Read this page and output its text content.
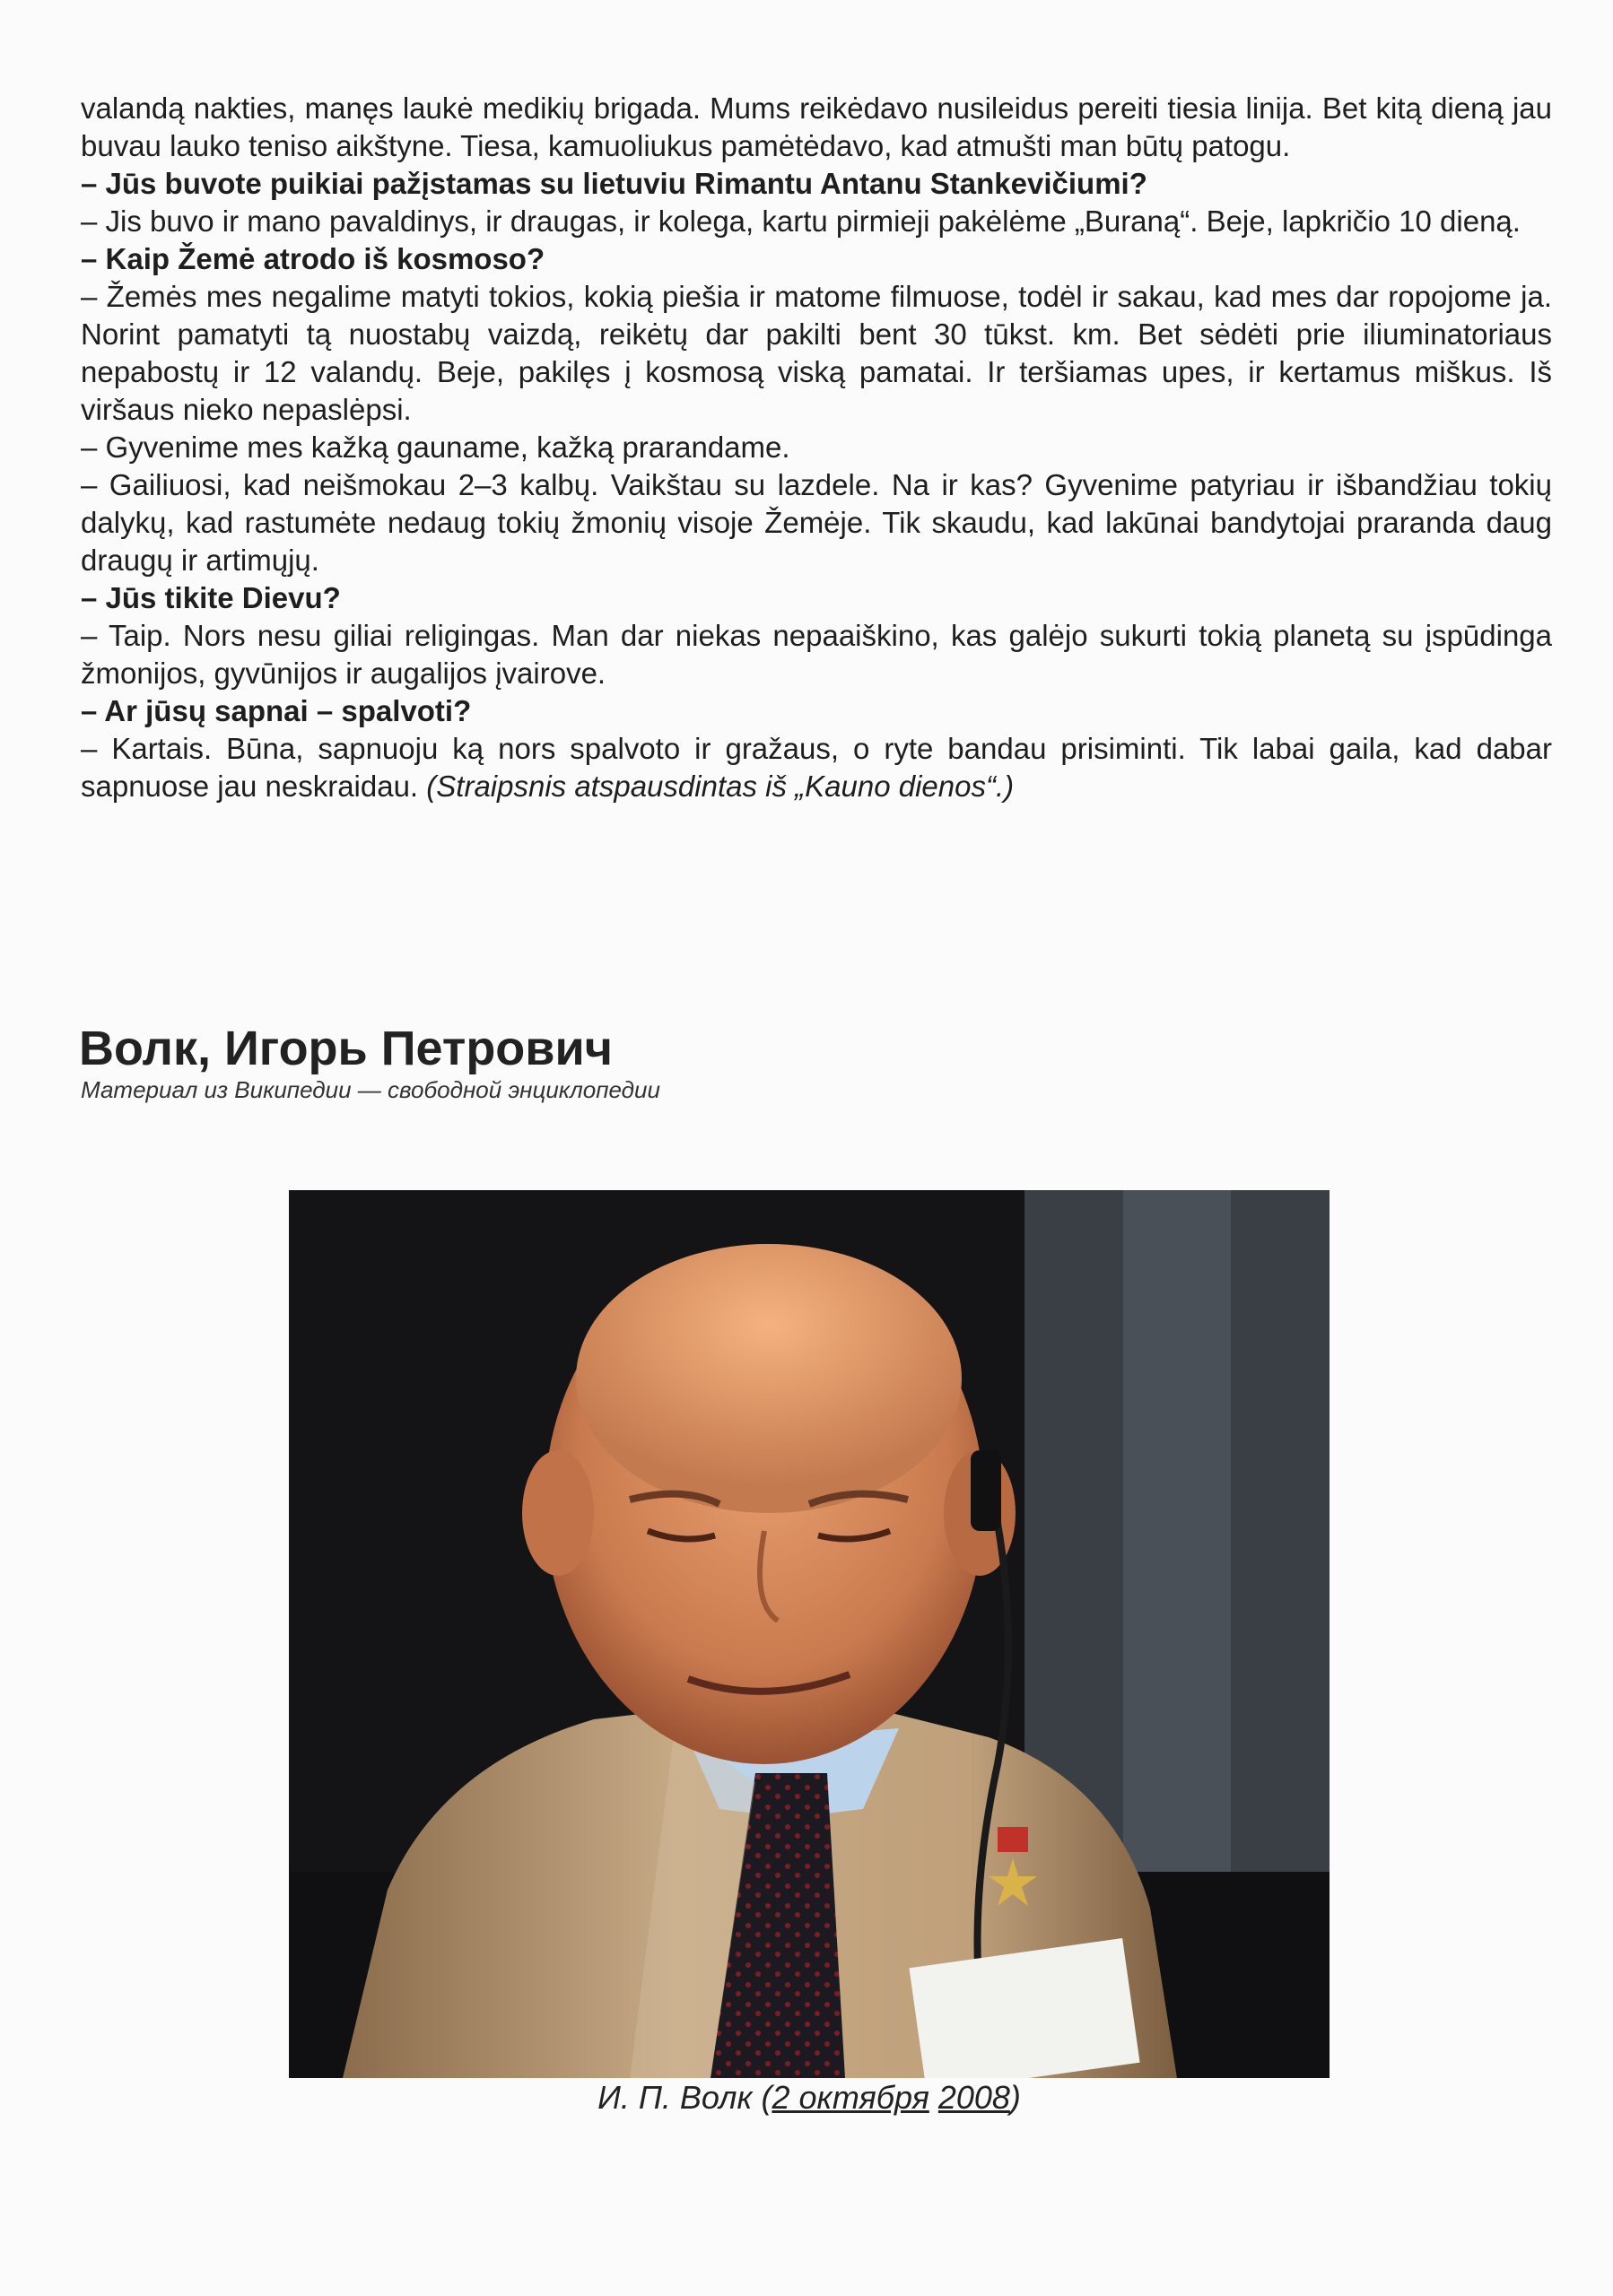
valandą nakties, manęs laukė medikių brigada. Mums reikėdavo nusileidus pereiti tiesia linija. Bet kitą dieną jau buvau lauko teniso aikštyne. Tiesa, kamuoliukus pamėtėdavo, kad atmušti man būtų patogu.

– Jūs buvote puikiai pažįstamas su lietuviu Rimantu Antanu Stankevičiumi?

– Jis buvo ir mano pavaldinys, ir draugas, ir kolega, kartu pirmieji pakėlėme „Buraną“. Beje, lapkričio 10 dieną.

– Kaip Žemė atrodo iš kosmoso?

– Žemės mes negalime matyti tokios, kokią piešia ir matome filmuose, todėl ir sakau, kad mes dar ropojome ja. Norint pamatyti tą nuostabų vaizdą, reikėtų dar pakilti bent 30 tūkst. km. Bet sėdėti prie iliuminatoriaus nepabostų ir 12 valandų. Beje, pakilęs į kosmosą viską pamatai. Ir teršiamas upes, ir kertamus miškus. Iš viršaus nieko nepaslėpsi.

– Gyvenime mes kažką gauname, kažką prarandame.

– Gailiuosi, kad neišmokau 2–3 kalbų. Vaikštau su lazdele. Na ir kas? Gyvenime patyriau ir išbandžiau tokių dalykų, kad rastumėte nedaug tokių žmonių visoje Žemėje. Tik skaudu, kad lakūnai bandytojai praranda daug draugų ir artimųjų.

– Jūs tikite Dievu?

– Taip. Nors nesu giliai religingas. Man dar niekas nepaaiškino, kas galėjo sukurti tokią planetą su įspūdinga žmonijos, gyvūnijos ir augalijos įvairove.

– Ar jūsų sapnai – spalvoti?

– Kartais. Būna, sapnuoju ką nors spalvoto ir gražaus, o ryte bandau prisiminti. Tik labai gaila, kad dabar sapnuose jau neskraidau. (Straipsnis atspausdintas iš „Kauno dienos“.)

Волк, Игорь Петрович
Материал из Википедии — свободной энциклопедии
И. П. Волк (2 октября 2008)
